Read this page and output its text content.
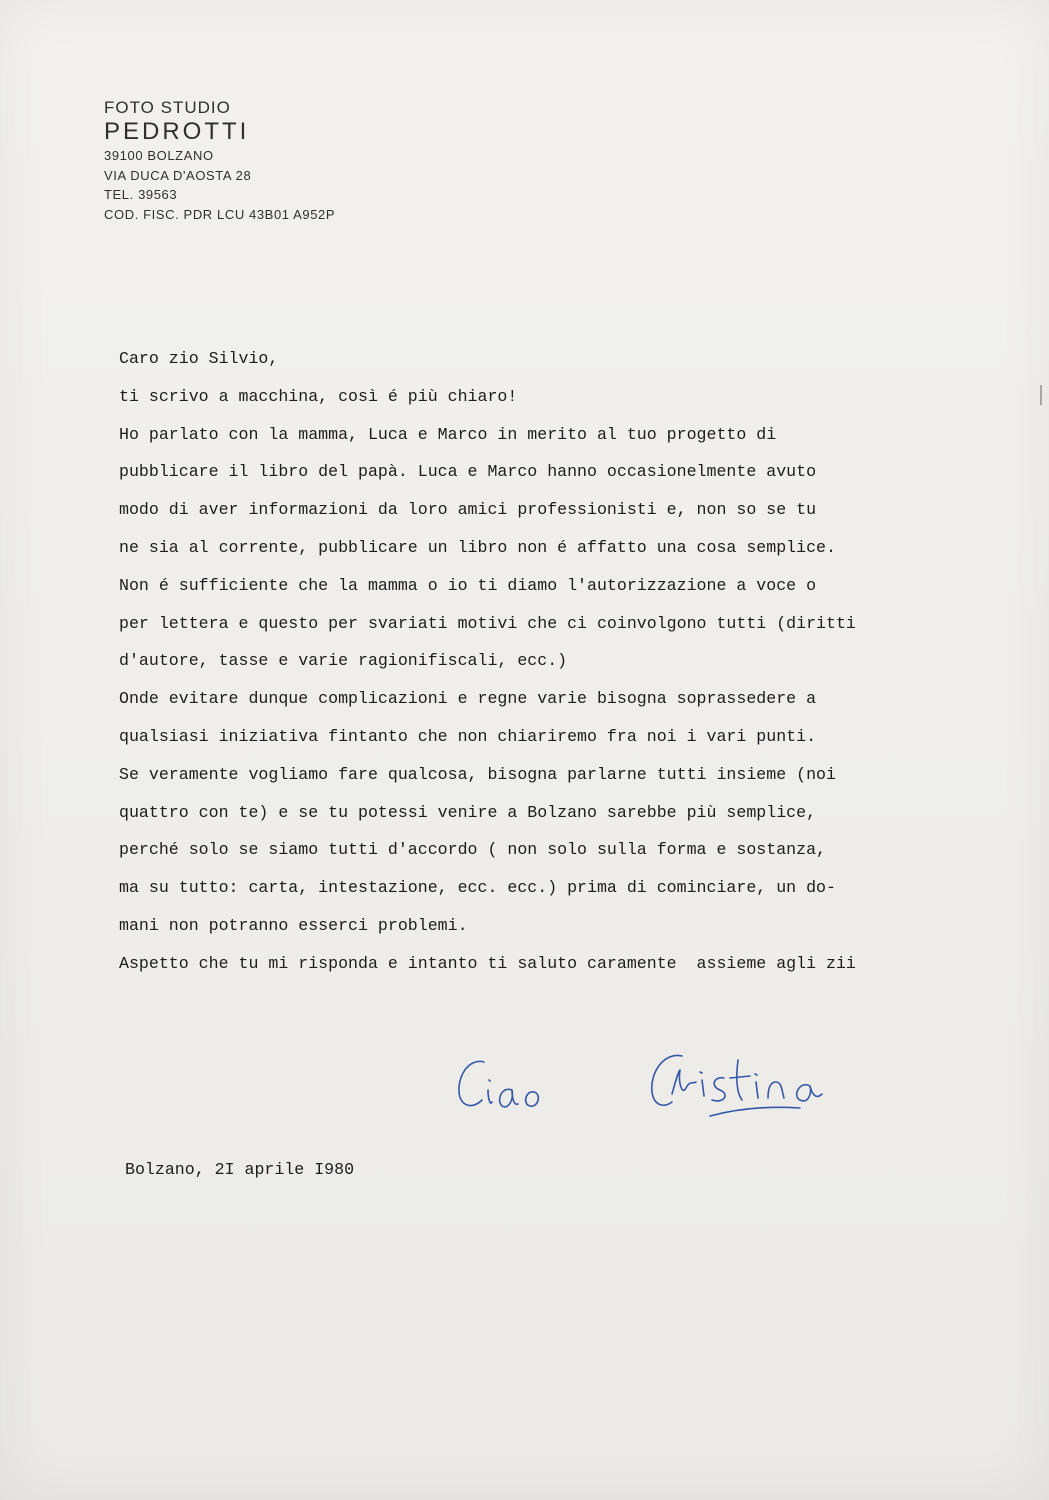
FOTO STUDIO
PEDROTTI
39100 BOLZANO
VIA DUCA D'AOSTA 28
TEL. 39563
COD. FISC. PDR LCU 43B01 A952P
Caro zio Silvio,
ti scrivo a macchina, così é più chiaro!
Ho parlato con la mamma, Luca e Marco in merito al tuo progetto di
pubblicare il libro del papà. Luca e Marco hanno occasionelmente avuto
modo di aver informazioni da loro amici professionisti e, non so se tu
ne sia al corrente, pubblicare un libro non é affatto una cosa semplice.
Non é sufficiente che la mamma o io ti diamo l'autorizzazione a voce o
per lettera e questo per svariati motivi che ci coinvolgono tutti (diritti
d'autore, tasse e varie ragionifiscali, ecc.)
Onde evitare dunque complicazioni e regne varie bisogna soprassedere a
qualsiasi iniziativa fintanto che non chiariremo fra noi i vari punti.
Se veramente vogliamo fare qualcosa, bisogna parlarne tutti insieme (noi
quattro con te) e se tu potessi venire a Bolzano sarebbe più semplice,
perché solo se siamo tutti d'accordo ( non solo sulla forma e sostanza,
ma su tutto: carta, intestazione, ecc. ecc.) prima di cominciare, un do-
mani non potranno esserci problemi.
Aspetto che tu mi risponda e intanto ti saluto caramente  assieme agli zii
Bolzano, 2I aprile I980
